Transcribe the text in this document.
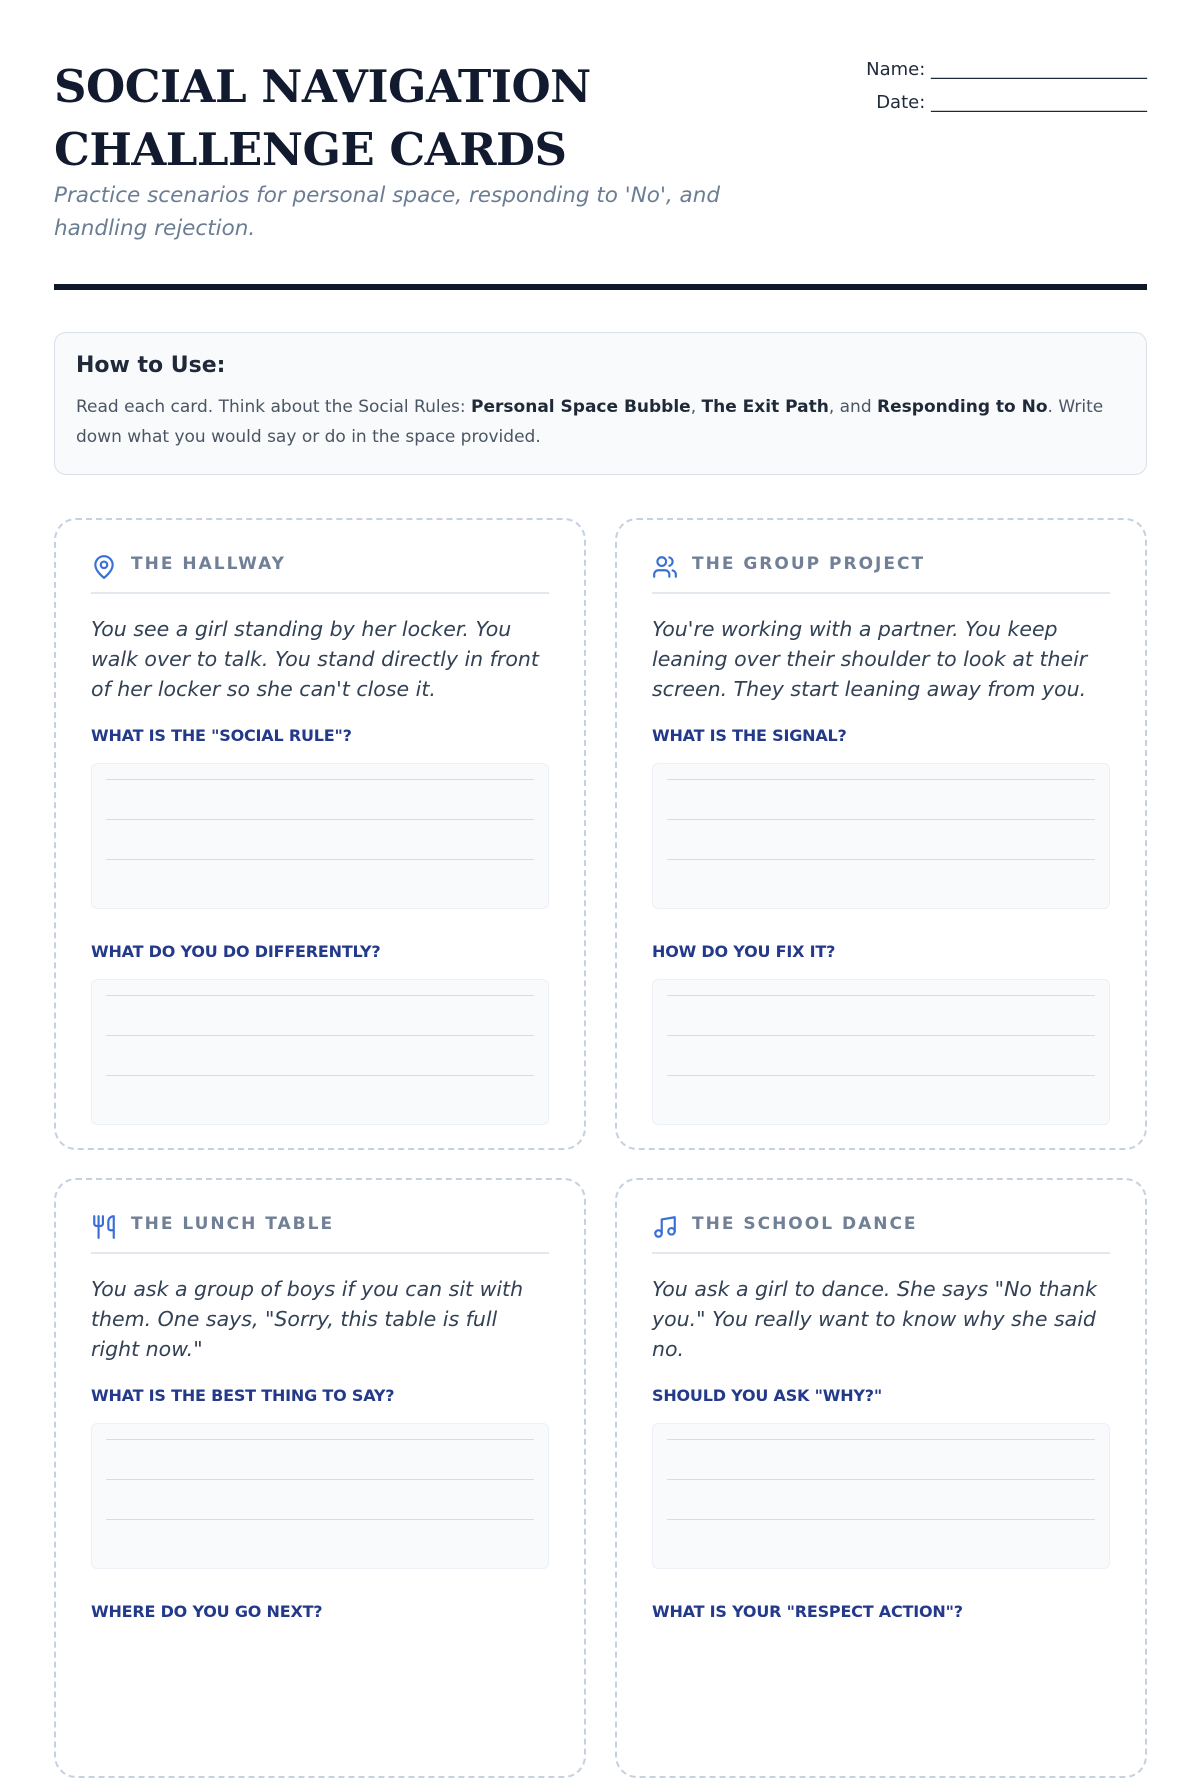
SOCIAL NAVIGATION
CHALLENGE CARDS

Practice scenarios for personal space, responding to 'No', and handling rejection.

Name: ________________________
Date: ________________________
How to Use:

Read each card. Think about the Social Rules: Personal Space Bubble, The Exit Path, and Responding to No. Write down what you would say or do in the space provided.

THE HALLWAY

You see a girl standing by her locker. You walk over to talk. You stand directly in front of her locker so she can't close it.

WHAT IS THE "SOCIAL RULE"?
WHAT DO YOU DO DIFFERENTLY?
THE GROUP PROJECT

You're working with a partner. You keep leaning over their shoulder to look at their screen. They start leaning away from you.

WHAT IS THE SIGNAL?
HOW DO YOU FIX IT?
THE LUNCH TABLE

You ask a group of boys if you can sit with them. One says, "Sorry, this table is full right now."

WHAT IS THE BEST THING TO SAY?
WHERE DO YOU GO NEXT?
THE SCHOOL DANCE

You ask a girl to dance. She says "No thank you." You really want to know why she said no.

SHOULD YOU ASK "WHY?"
WHAT IS YOUR "RESPECT ACTION"?
